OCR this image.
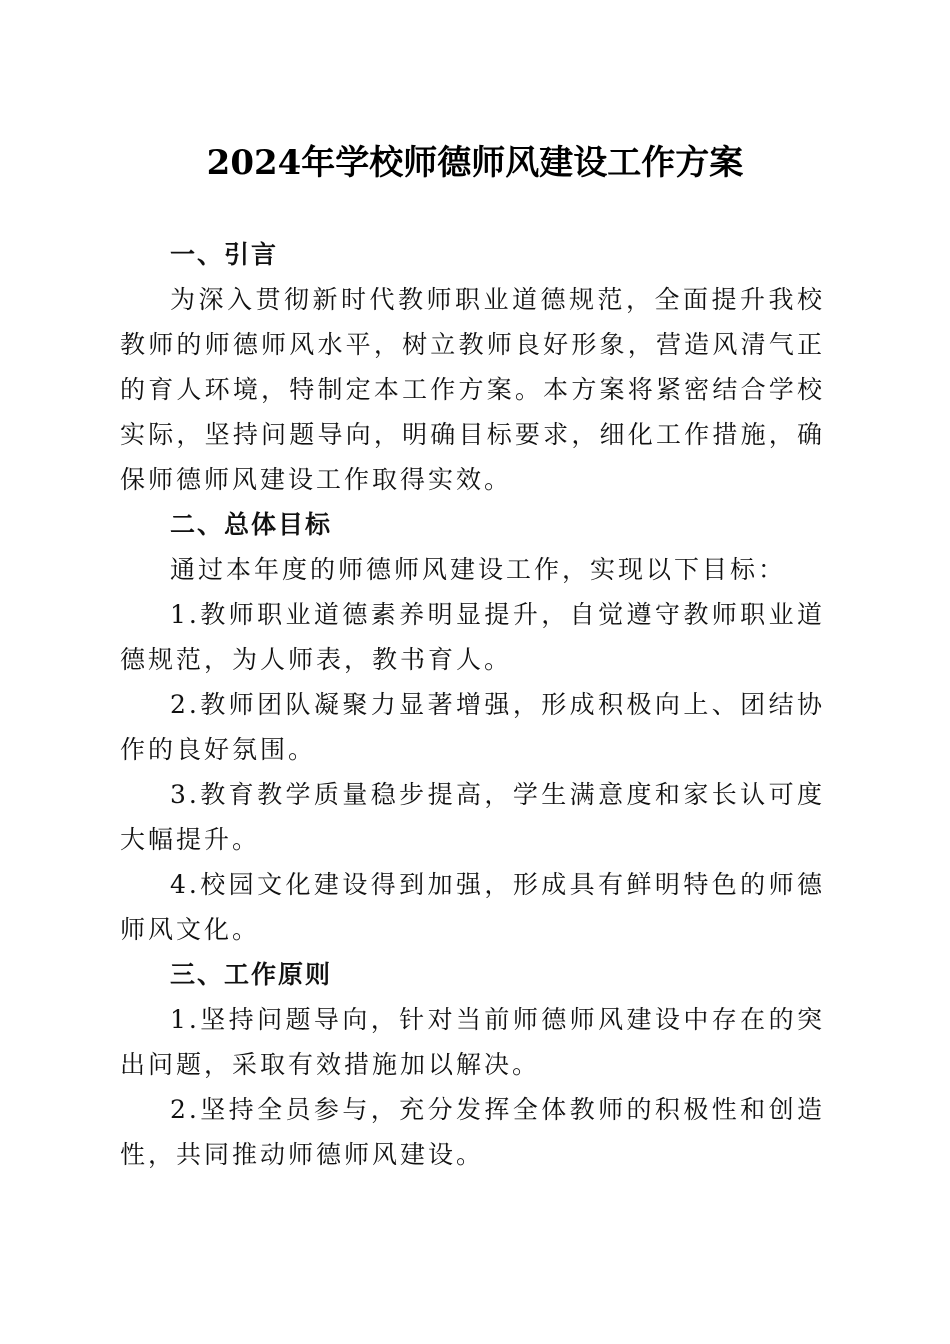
2024年学校师德师风建设工作方案

一、引言

为深入贯彻新时代教师职业道德规范，全面提升我校教师的师德师风水平，树立教师良好形象，营造风清气正的育人环境，特制定本工作方案。本方案将紧密结合学校实际，坚持问题导向，明确目标要求，细化工作措施，确保师德师风建设工作取得实效。

二、总体目标

通过本年度的师德师风建设工作，实现以下目标：

1.教师职业道德素养明显提升，自觉遵守教师职业道德规范，为人师表，教书育人。

2.教师团队凝聚力显著增强，形成积极向上、团结协作的良好氛围。

3.教育教学质量稳步提高，学生满意度和家长认可度大幅提升。

4.校园文化建设得到加强，形成具有鲜明特色的师德师风文化。

三、工作原则

1.坚持问题导向，针对当前师德师风建设中存在的突出问题，采取有效措施加以解决。

2.坚持全员参与，充分发挥全体教师的积极性和创造性，共同推动师德师风建设。
